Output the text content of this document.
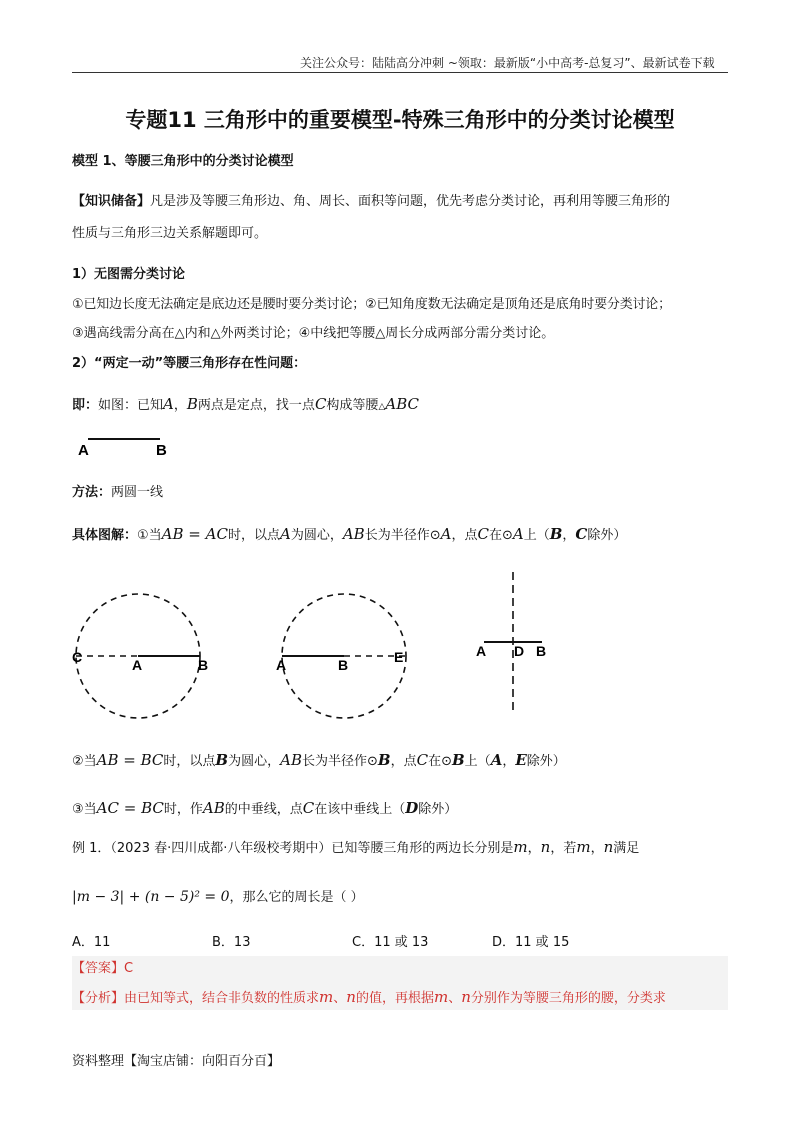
关注公众号：陆陆高分冲刺 ~领取：最新版“小中高考-总复习”、最新试卷下载
专题11 三角形中的重要模型-特殊三角形中的分类讨论模型
模型 1、等腰三角形中的分类讨论模型
【知识储备】凡是涉及等腰三角形边、角、周长、面积等问题，优先考虑分类讨论，再利用等腰三角形的
性质与三角形三边关系解题即可。
1）无图需分类讨论
①已知边长度无法确定是底边还是腰时要分类讨论；②已知角度数无法确定是顶角还是底角时要分类讨论；
③遇高线需分高在△内和△外两类讨论；④中线把等腰△周长分成两部分需分类讨论。
2）“两定一动”等腰三角形存在性问题：
即：如图：已知A，B两点是定点，找一点C构成等腰△ABC
A	B
方法：两圆一线
具体图解：①当AB = AC时，以点A为圆心，AB长为半径作⊙A，点C在⊙A上（B，C除外）
C	A	B	A	B	E	A D B
②当AB = BC时，以点B为圆心，AB长为半径作⊙B，点C在⊙B上（A，E除外）
③当AC = BC时，作AB的中垂线，点C在该中垂线上（D除外）
例 1．（2023 春·四川成都·八年级校考期中）已知等腰三角形的两边长分别是m，n，若m，n满足
|m − 3| + (n − 5)² = 0，那么它的周长是（ ）
A．11	B．13	C．11 或 13	D．11 或 15
【答案】C
【分析】由已知等式，结合非负数的性质求m、n的值，再根据m、n分别作为等腰三角形的腰，分类求
资料整理【淘宝店铺：向阳百分百】
